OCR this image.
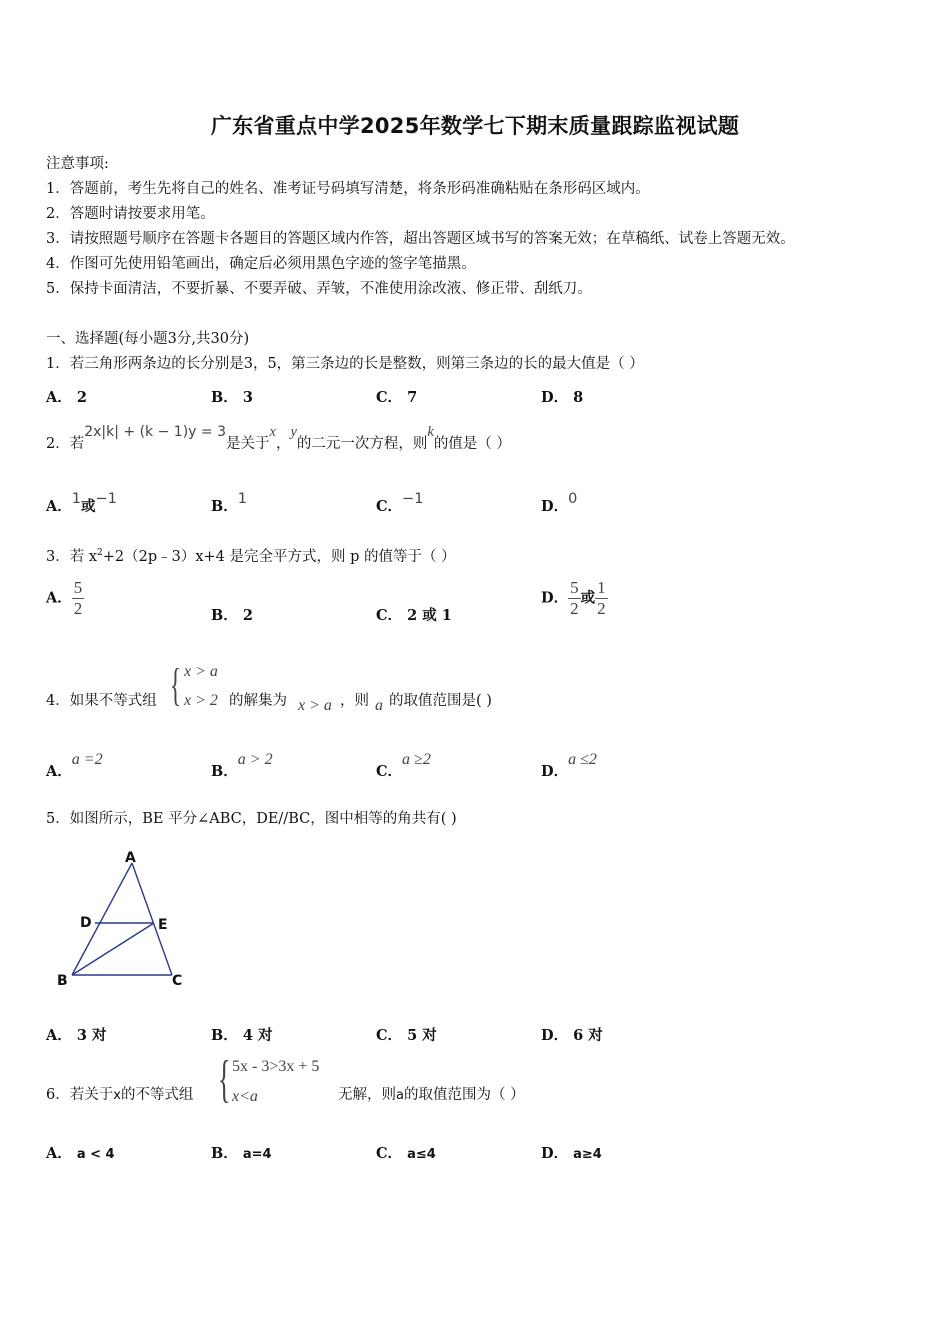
广东省重点中学2025年数学七下期末质量跟踪监视试题
注意事项:
1．答题前，考生先将自己的姓名、准考证号码填写清楚，将条形码准确粘贴在条形码区域内。
2．答题时请按要求用笔。
3．请按照题号顺序在答题卡各题目的答题区域内作答，超出答题区域书写的答案无效；在草稿纸、试卷上答题无效。
4．作图可先使用铅笔画出，确定后必须用黑色字迹的签字笔描黑。
5．保持卡面清洁，不要折暴、不要弄破、弄皱，不准使用涂改液、修正带、刮纸刀。
一、选择题(每小题3分,共30分)
1．若三角形两条边的长分别是3，5，第三条边的长是整数，则第三条边的长的最大值是（ ）
A． 2	B． 3	C． 7	D． 8
2．若2x|k| + (k − 1)y = 3是关于x，y的二元一次方程，则k的值是（ ）
A．1或−1	B．1	C．−1	D．0
3．若 $x^2+2(2p﹣3)x+4$ 是完全平方式，则 p 的值等于（ ）
A． $\frac{5}{2}$	B． 2	C． 2 或 1
D． $\frac{5}{2}$ 或 $\frac{1}{2}$
4．如果不等式组 { x > a
x > 2 的解集为 x > a ，则 a 的取值范围是( )
A．a =2
B．a > 2
C．a ≥2
D．a ≤2
5．如图所示，BE 平分∠ABC，DE//BC，图中相等的角共有( )
A
D	E
B	C
A． 3 对	B． 4 对	C． 5 对	D． 6 对
6．若关于x的不等式组 { 5x - 3>3x + 5
x<a	无解，则a的取值范围为（ ）
A． a < 4	B． a=4	C． a≤4	D． a≥4
